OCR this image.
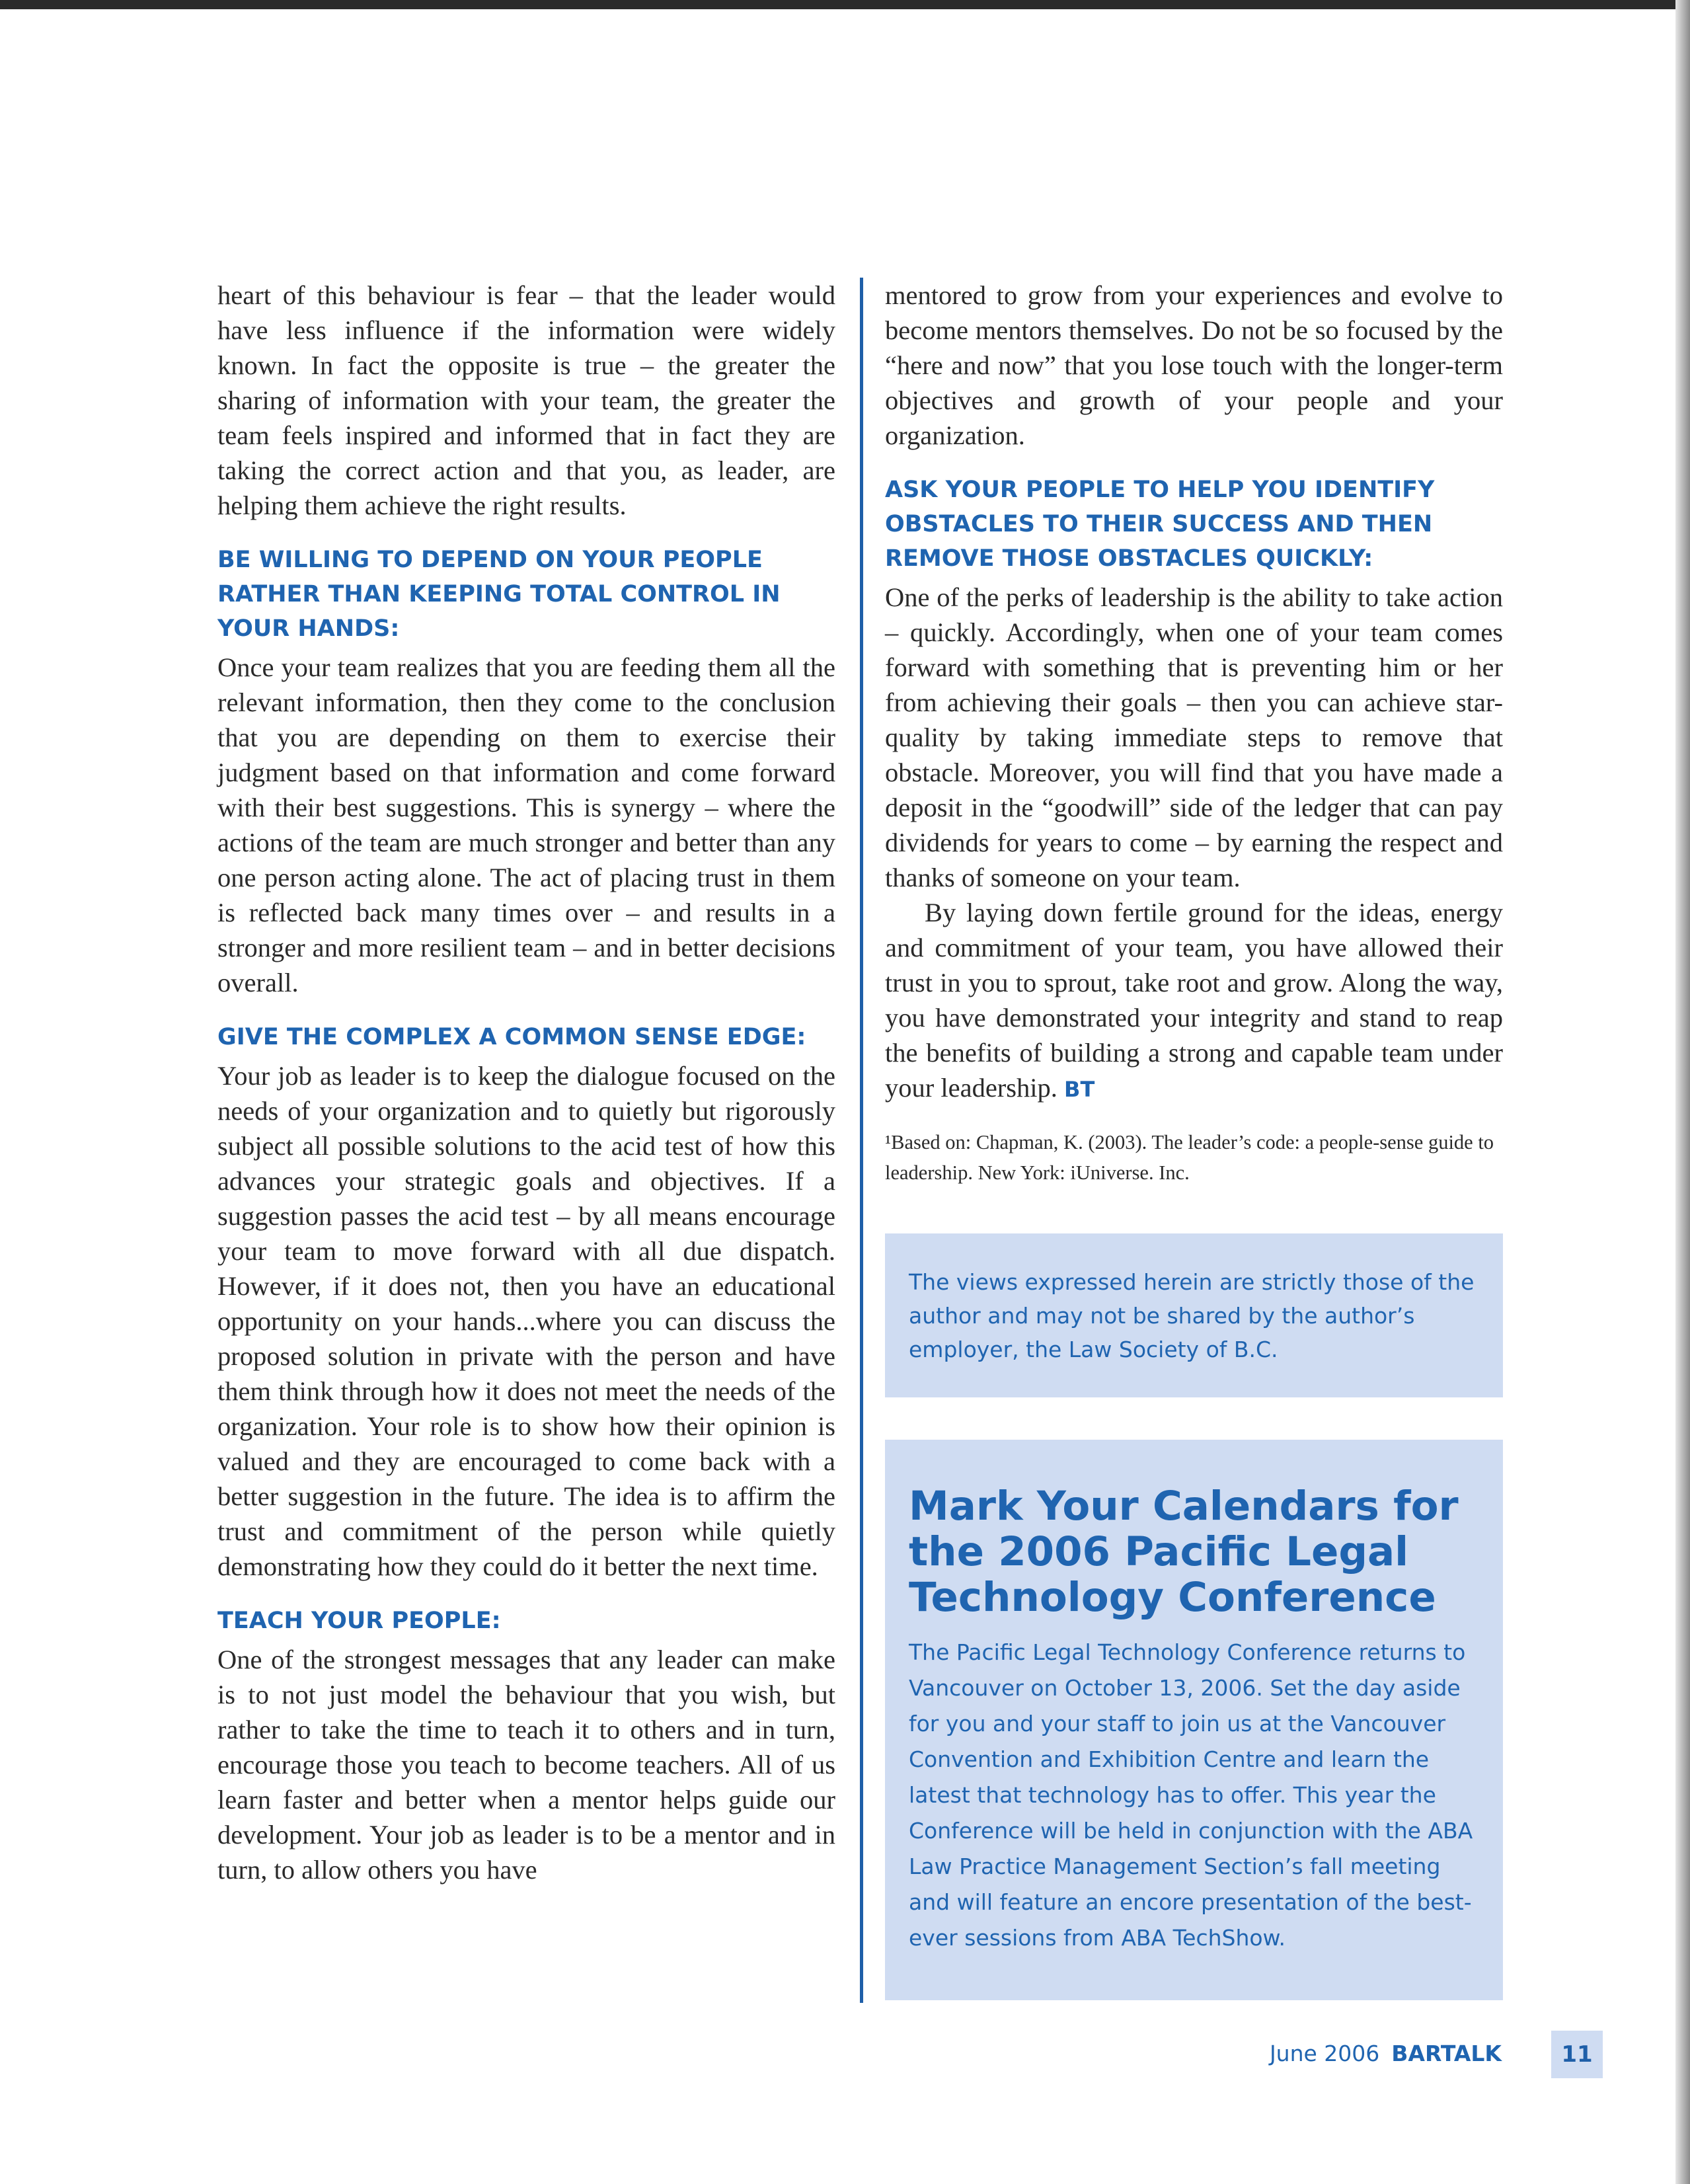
heart of this behaviour is fear – that the leader would have less influence if the information were widely known. In fact the opposite is true – the greater the sharing of information with your team, the greater the team feels inspired and informed that in fact they are taking the correct action and that you, as leader, are helping them achieve the right results.

BE WILLING TO DEPEND ON YOUR PEOPLE RATHER THAN KEEPING TOTAL CONTROL IN YOUR HANDS:

Once your team realizes that you are feeding them all the relevant information, then they come to the conclusion that you are depending on them to exercise their judgment based on that information and come forward with their best suggestions. This is synergy – where the actions of the team are much stronger and better than any one person acting alone. The act of placing trust in them is reflected back many times over – and results in a stronger and more resilient team – and in better decisions overall.

GIVE THE COMPLEX A COMMON SENSE EDGE:

Your job as leader is to keep the dialogue focused on the needs of your organization and to quietly but rigorously subject all possible solutions to the acid test of how this advances your strategic goals and objectives. If a suggestion passes the acid test – by all means encourage your team to move forward with all due dispatch. However, if it does not, then you have an educational opportunity on your hands...where you can discuss the proposed solution in private with the person and have them think through how it does not meet the needs of the organization. Your role is to show how their opinion is valued and they are encouraged to come back with a better suggestion in the future. The idea is to affirm the trust and commitment of the person while quietly demonstrating how they could do it better the next time.

TEACH YOUR PEOPLE:

One of the strongest messages that any leader can make is to not just model the behaviour that you wish, but rather to take the time to teach it to others and in turn, encourage those you teach to become teachers. All of us learn faster and better when a mentor helps guide our development. Your job as leader is to be a mentor and in turn, to allow others you have

mentored to grow from your experiences and evolve to become mentors themselves. Do not be so focused by the “here and now” that you lose touch with the longer-term objectives and growth of your people and your organization.

ASK YOUR PEOPLE TO HELP YOU IDENTIFY OBSTACLES TO THEIR SUCCESS AND THEN REMOVE THOSE OBSTACLES QUICKLY:

One of the perks of leadership is the ability to take action – quickly. Accordingly, when one of your team comes forward with something that is preventing him or her from achieving their goals – then you can achieve star-quality by taking immediate steps to remove that obstacle. Moreover, you will find that you have made a deposit in the “goodwill” side of the ledger that can pay dividends for years to come – by earning the respect and thanks of someone on your team.

By laying down fertile ground for the ideas, energy and commitment of your team, you have allowed their trust in you to sprout, take root and grow. Along the way, you have demonstrated your integrity and stand to reap the benefits of building a strong and capable team under your leadership. BT

¹Based on: Chapman, K. (2003). The leader’s code: a people-sense guide to leadership. New York: iUniverse. Inc.

The views expressed herein are strictly those of the author and may not be shared by the author’s employer, the Law Society of B.C.

Mark Your Calendars for the 2006 Pacific Legal Technology Conference

The Pacific Legal Technology Conference returns to Vancouver on October 13, 2006. Set the day aside for you and your staff to join us at the Vancouver Convention and Exhibition Centre and learn the latest that technology has to offer. This year the Conference will be held in conjunction with the ABA Law Practice Management Section’s fall meeting and will feature an encore presentation of the best-ever sessions from ABA TechShow.

June 2006 BARTALK	11
